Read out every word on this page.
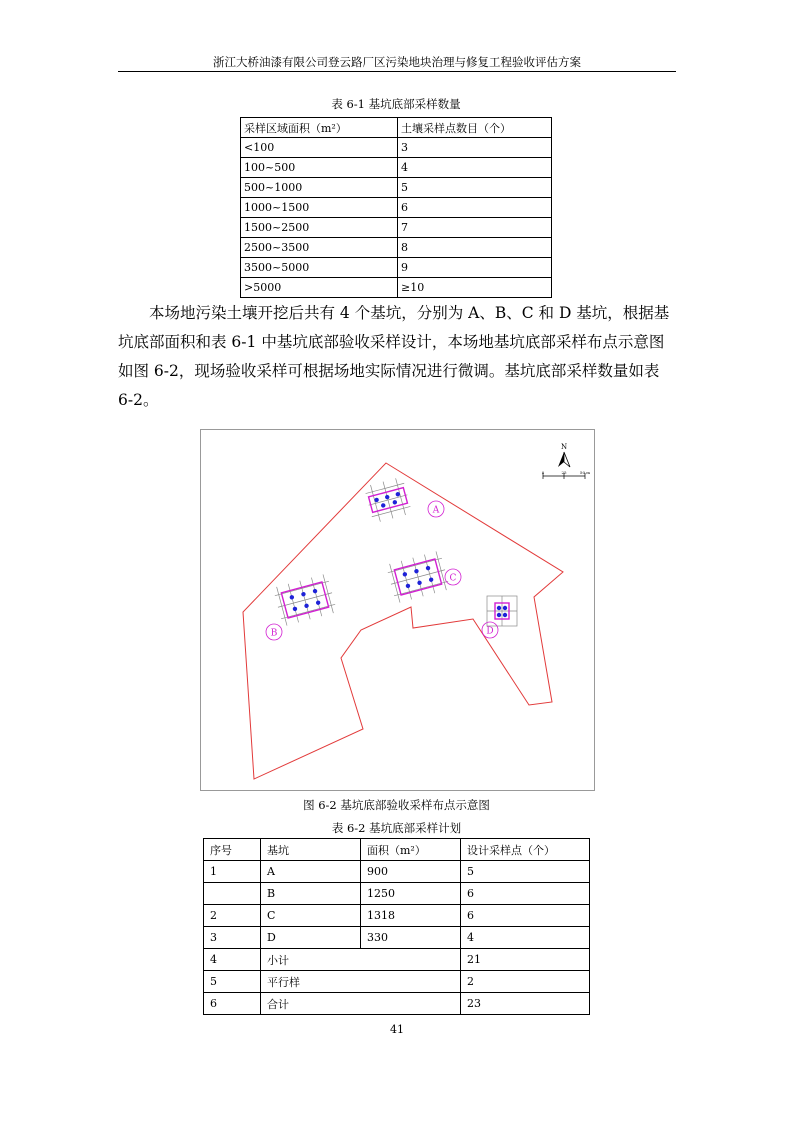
浙江大桥油漆有限公司登云路厂区污染地块治理与修复工程验收评估方案
表 6-1 基坑底部采样数量
采样区域面积（m²）	土壤采样点数目（个）
<100	3
100~500	4
500~1000	5
1000~1500	6
1500~2500	7
2500~3500	8
3500~5000	9
>5000	≥10

本场地污染土壤开挖后共有 4 个基坑，分别为 A、B、C 和 D 基坑，根据基

坑底部面积和表 6-1 中基坑底部验收采样设计，本场地基坑底部采样布点示意图

如图 6-2，现场验收采样可根据场地实际情况进行微调。基坑底部采样数量如表

6-2。

N
0	25	50 m
A
B
C
D
图 6-2 基坑底部验收采样布点示意图
表 6-2 基坑底部采样计划
序号	基坑	面积（m²）	设计采样点（个）
1	A	900	5
	B	1250	6
2	C	1318	6
3	D	330	4
4	小计		21
5	平行样		2
6	合计		23
41
